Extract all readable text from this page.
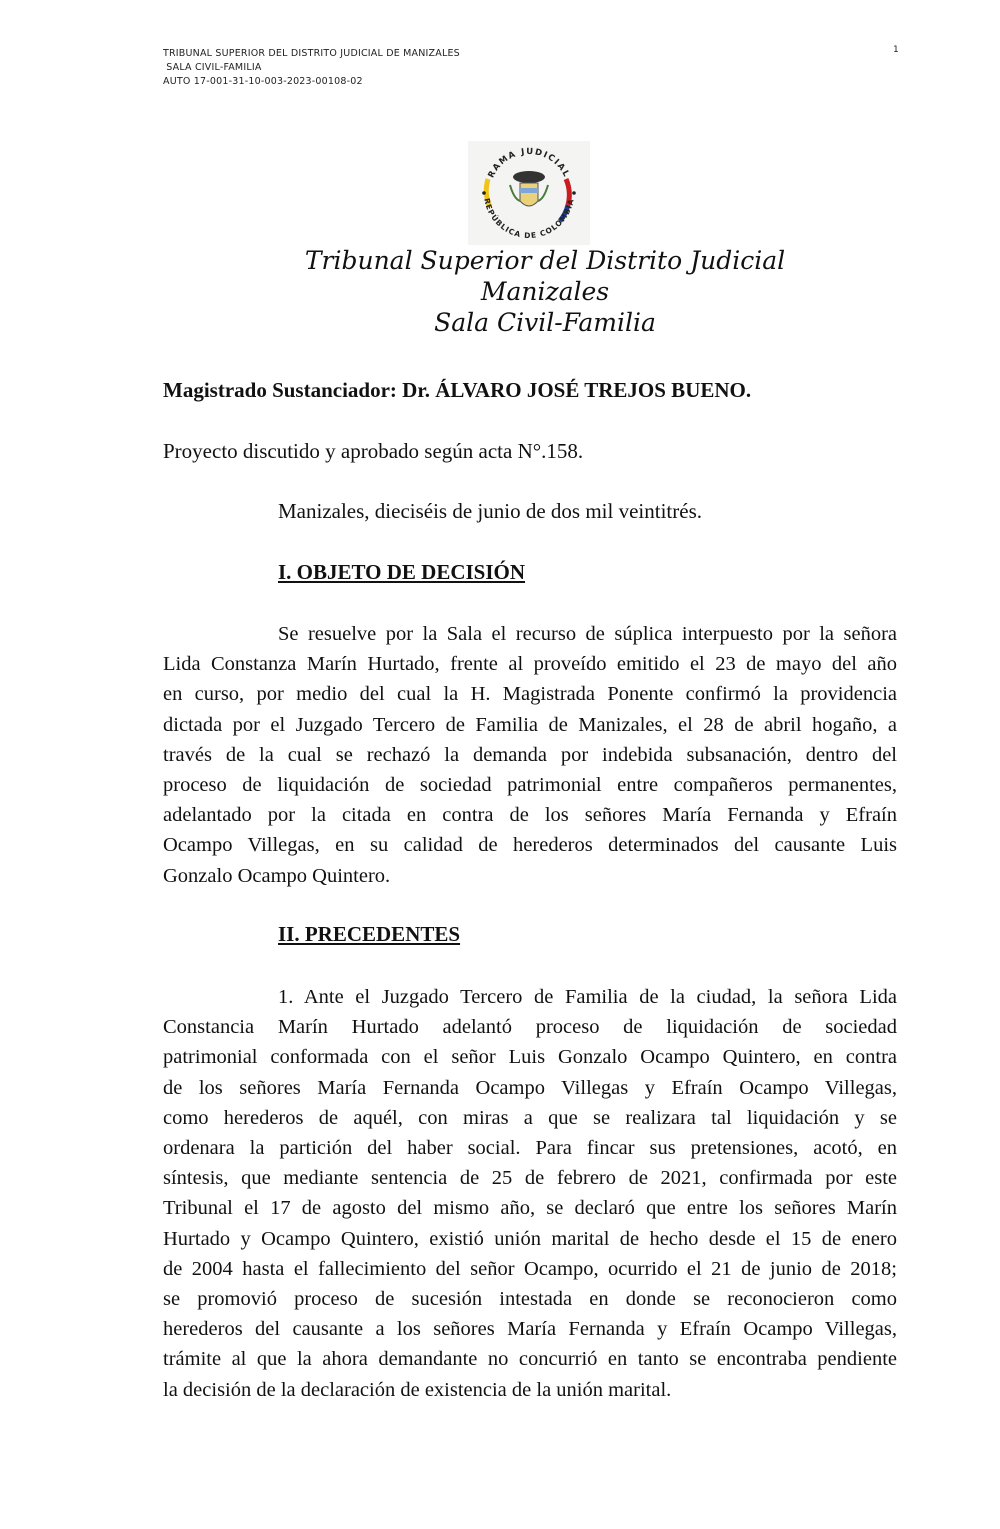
TRIBUNAL SUPERIOR DEL DISTRITO JUDICIAL DE MANIZALES
SALA CIVIL-FAMILIA
AUTO 17-001-31-10-003-2023-00108-02
1
RAMA JUDICIAL
REPÚBLICA DE COLOMBIA
Tribunal Superior del Distrito Judicial
Manizales
Sala Civil-Familia
Magistrado Sustanciador: Dr. ÁLVARO JOSÉ TREJOS BUENO.
Proyecto discutido y aprobado según acta N°.158.
Manizales, dieciséis de junio de dos mil veintitrés.
I. OBJETO DE DECISIÓN
Se resuelve por la Sala el recurso de súplica interpuesto por la señora
Lida Constanza Marín Hurtado, frente al proveído emitido el 23 de mayo del año
en curso, por medio del cual la H. Magistrada Ponente confirmó la providencia
dictada por el Juzgado Tercero de Familia de Manizales, el 28 de abril hogaño, a
través de la cual se rechazó la demanda por indebida subsanación, dentro del
proceso de liquidación de sociedad patrimonial entre compañeros permanentes,
adelantado por la citada en contra de los señores María Fernanda y Efraín
Ocampo Villegas, en su calidad de herederos determinados del causante Luis
Gonzalo Ocampo Quintero.
II. PRECEDENTES
1. Ante el Juzgado Tercero de Familia de la ciudad, la señora Lida
Constancia Marín Hurtado adelantó proceso de liquidación de sociedad
patrimonial conformada con el señor Luis Gonzalo Ocampo Quintero, en contra
de los señores María Fernanda Ocampo Villegas y Efraín Ocampo Villegas,
como herederos de aquél, con miras a que se realizara tal liquidación y se
ordenara la partición del haber social. Para fincar sus pretensiones, acotó, en
síntesis, que mediante sentencia de 25 de febrero de 2021, confirmada por este
Tribunal el 17 de agosto del mismo año, se declaró que entre los señores Marín
Hurtado y Ocampo Quintero, existió unión marital de hecho desde el 15 de enero
de 2004 hasta el fallecimiento del señor Ocampo, ocurrido el 21 de junio de 2018;
se promovió proceso de sucesión intestada en donde se reconocieron como
herederos del causante a los señores María Fernanda y Efraín Ocampo Villegas,
trámite al que la ahora demandante no concurrió en tanto se encontraba pendiente
la decisión de la declaración de existencia de la unión marital.
